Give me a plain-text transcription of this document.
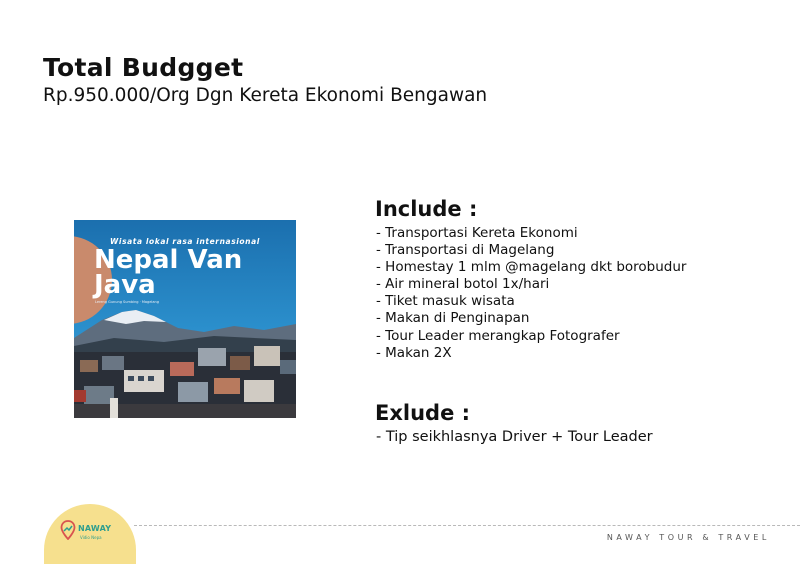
Total Budgget
Rp.950.000/Org Dgn Kereta Ekonomi Bengawan
Wisata lokal rasa internasional
Nepal Van
Java
Lereng Gunung Sumbing · Magelang
Include :
- Transportasi Kereta Ekonomi
- Transportasi di Magelang
- Homestay 1 mlm @magelang dkt borobudur
- Air mineral botol 1x/hari
- Tiket masuk wisata
- Makan di Penginapan
- Tour Leader merangkap Fotografer
- Makan 2X
Exlude :
- Tip seikhlasnya Driver + Tour Leader
NAWAY
Vidio Nepa	NAWAY TOUR & TRAVEL
